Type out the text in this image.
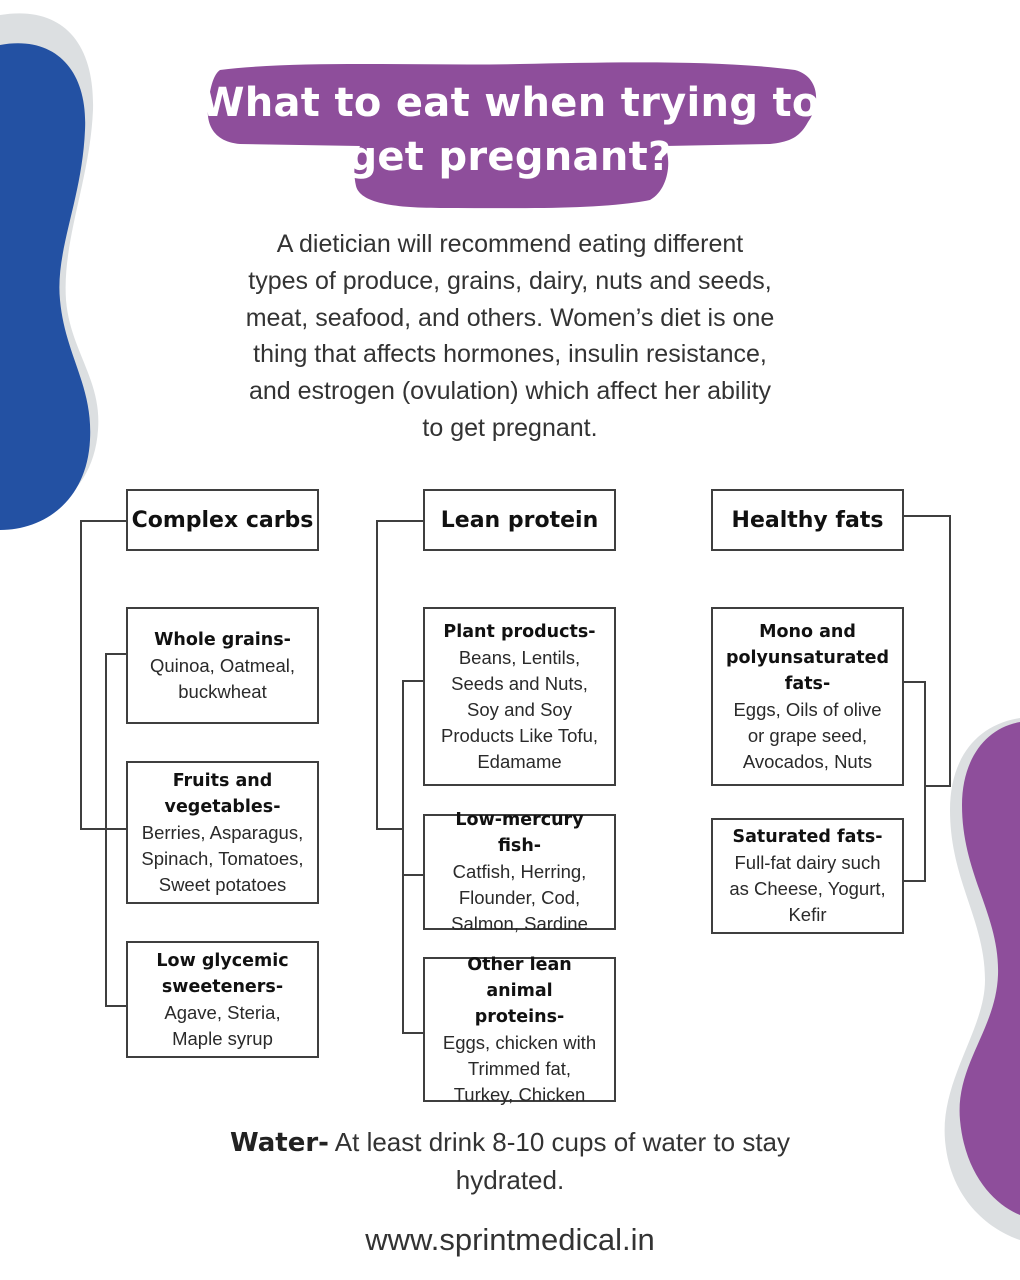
What to eat when trying to
get pregnant?
A dietician will recommend eating different
types of produce, grains, dairy, nuts and seeds,
meat, seafood, and others. Women’s diet is one
thing that affects hormones, insulin resistance,
and estrogen (ovulation) which affect her ability
to get pregnant.
Complex carbs
Whole grains-
Quinoa, Oatmeal,
buckwheat
Fruits and
vegetables-
Berries, Asparagus,
Spinach, Tomatoes,
Sweet potatoes
Low glycemic
sweeteners-
Agave, Steria,
Maple syrup
Lean protein
Plant products-
Beans, Lentils,
Seeds and Nuts,
Soy and Soy
Products Like Tofu,
Edamame
Low-mercury fish-
Catfish, Herring,
Flounder, Cod,
Salmon, Sardine
Other lean animal
proteins-
Eggs, chicken with
Trimmed fat,
Turkey, Chicken
Healthy fats
Mono and
polyunsaturated
fats-
Eggs, Oils of olive
or grape seed,
Avocados, Nuts
Saturated fats-
Full-fat dairy such
as Cheese, Yogurt,
Kefir
Water- At least drink 8-10 cups of water to stay
hydrated.
www.sprintmedical.in
